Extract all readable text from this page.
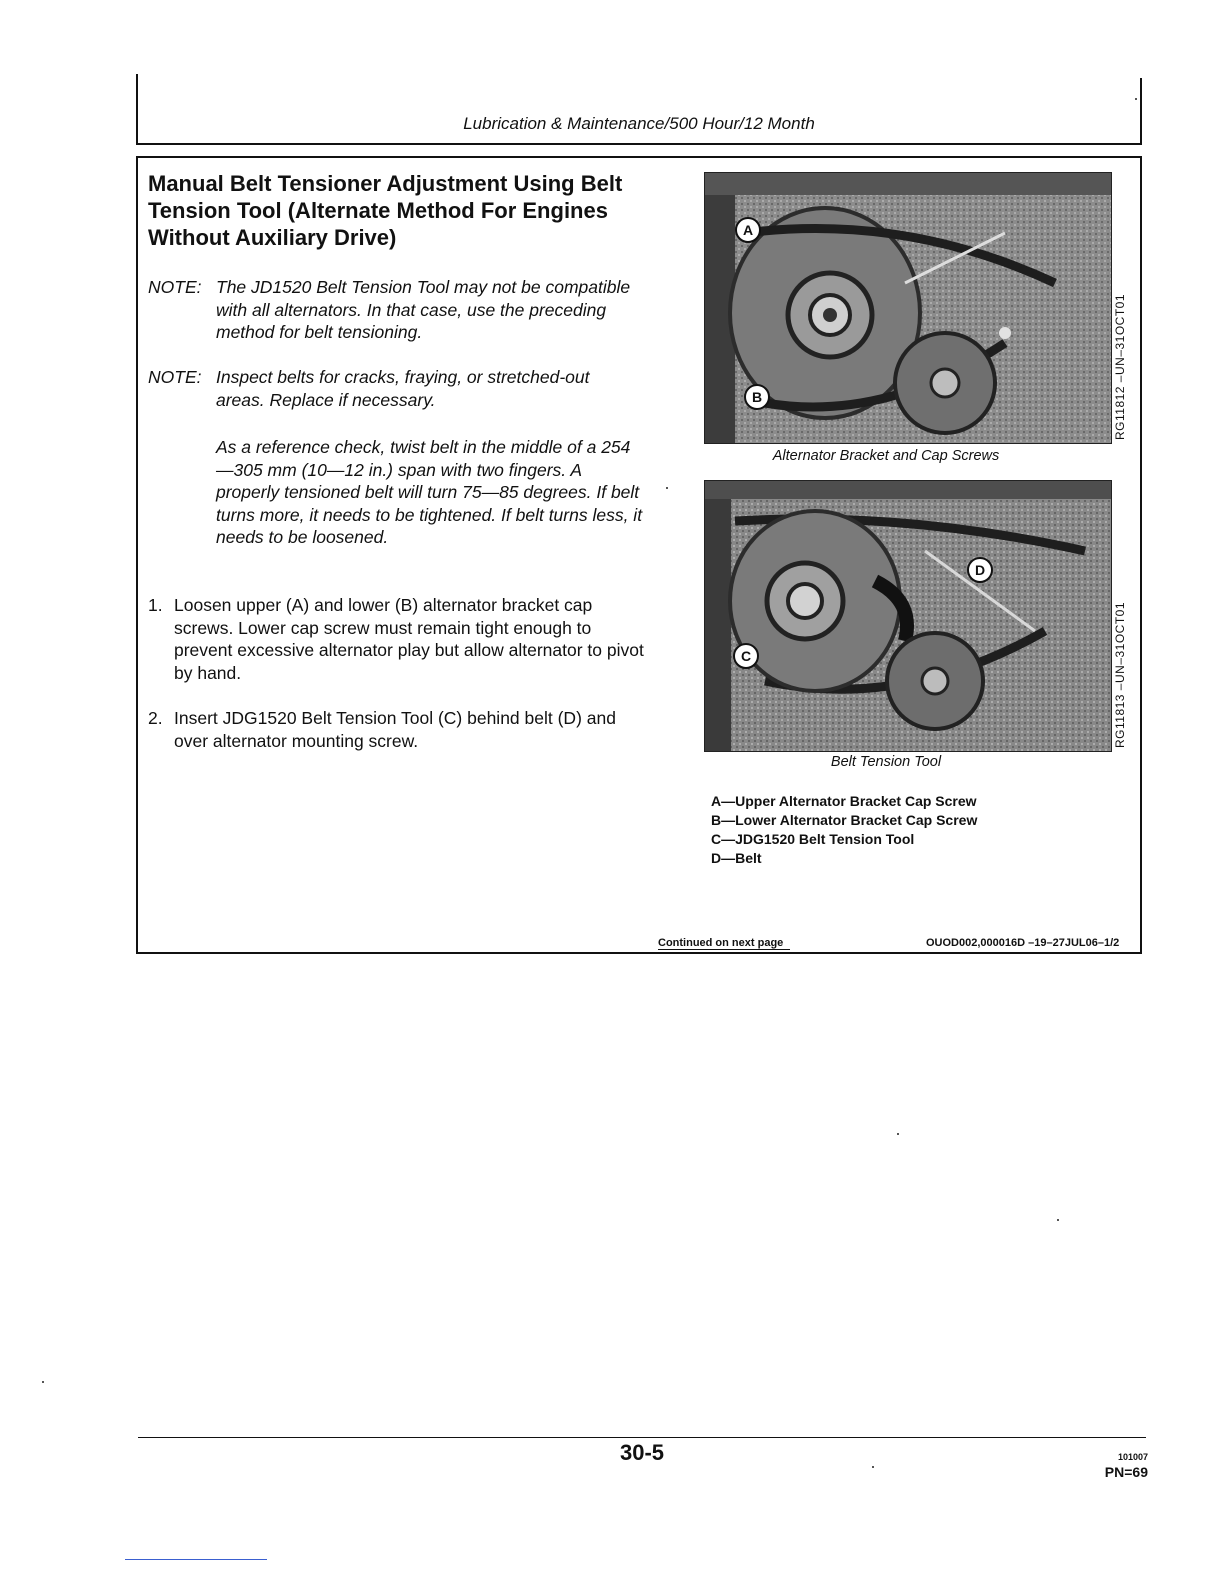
Lubrication & Maintenance/500 Hour/12 Month
Manual Belt Tensioner Adjustment Using Belt Tension Tool (Alternate Method For Engines Without Auxiliary Drive)
NOTE: The JD1520 Belt Tension Tool may not be compatible with all alternators. In that case, use the preceding method for belt tensioning.
NOTE: Inspect belts for cracks, fraying, or stretched-out areas. Replace if necessary.
As a reference check, twist belt in the middle of a 254—305 mm (10—12 in.) span with two fingers. A properly tensioned belt will turn 75—85 degrees. If belt turns more, it needs to be tightened. If belt turns less, it needs to be loosened.
1. Loosen upper (A) and lower (B) alternator bracket cap screws. Lower cap screw must remain tight enough to prevent excessive alternator play but allow alternator to pivot by hand.
2. Insert JDG1520 Belt Tension Tool (C) behind belt (D) and over alternator mounting screw.
A
B	RG11812 –UN–31OCT01
Alternator Bracket and Cap Screws
D
C	RG11813 –UN–31OCT01
Belt Tension Tool
A—Upper Alternator Bracket Cap Screw
B—Lower Alternator Bracket Cap Screw
C—JDG1520 Belt Tension Tool
D—Belt
Continued on next page	OUOD002,000016D –19–27JUL06–1/2
30-5	101007
PN=69
